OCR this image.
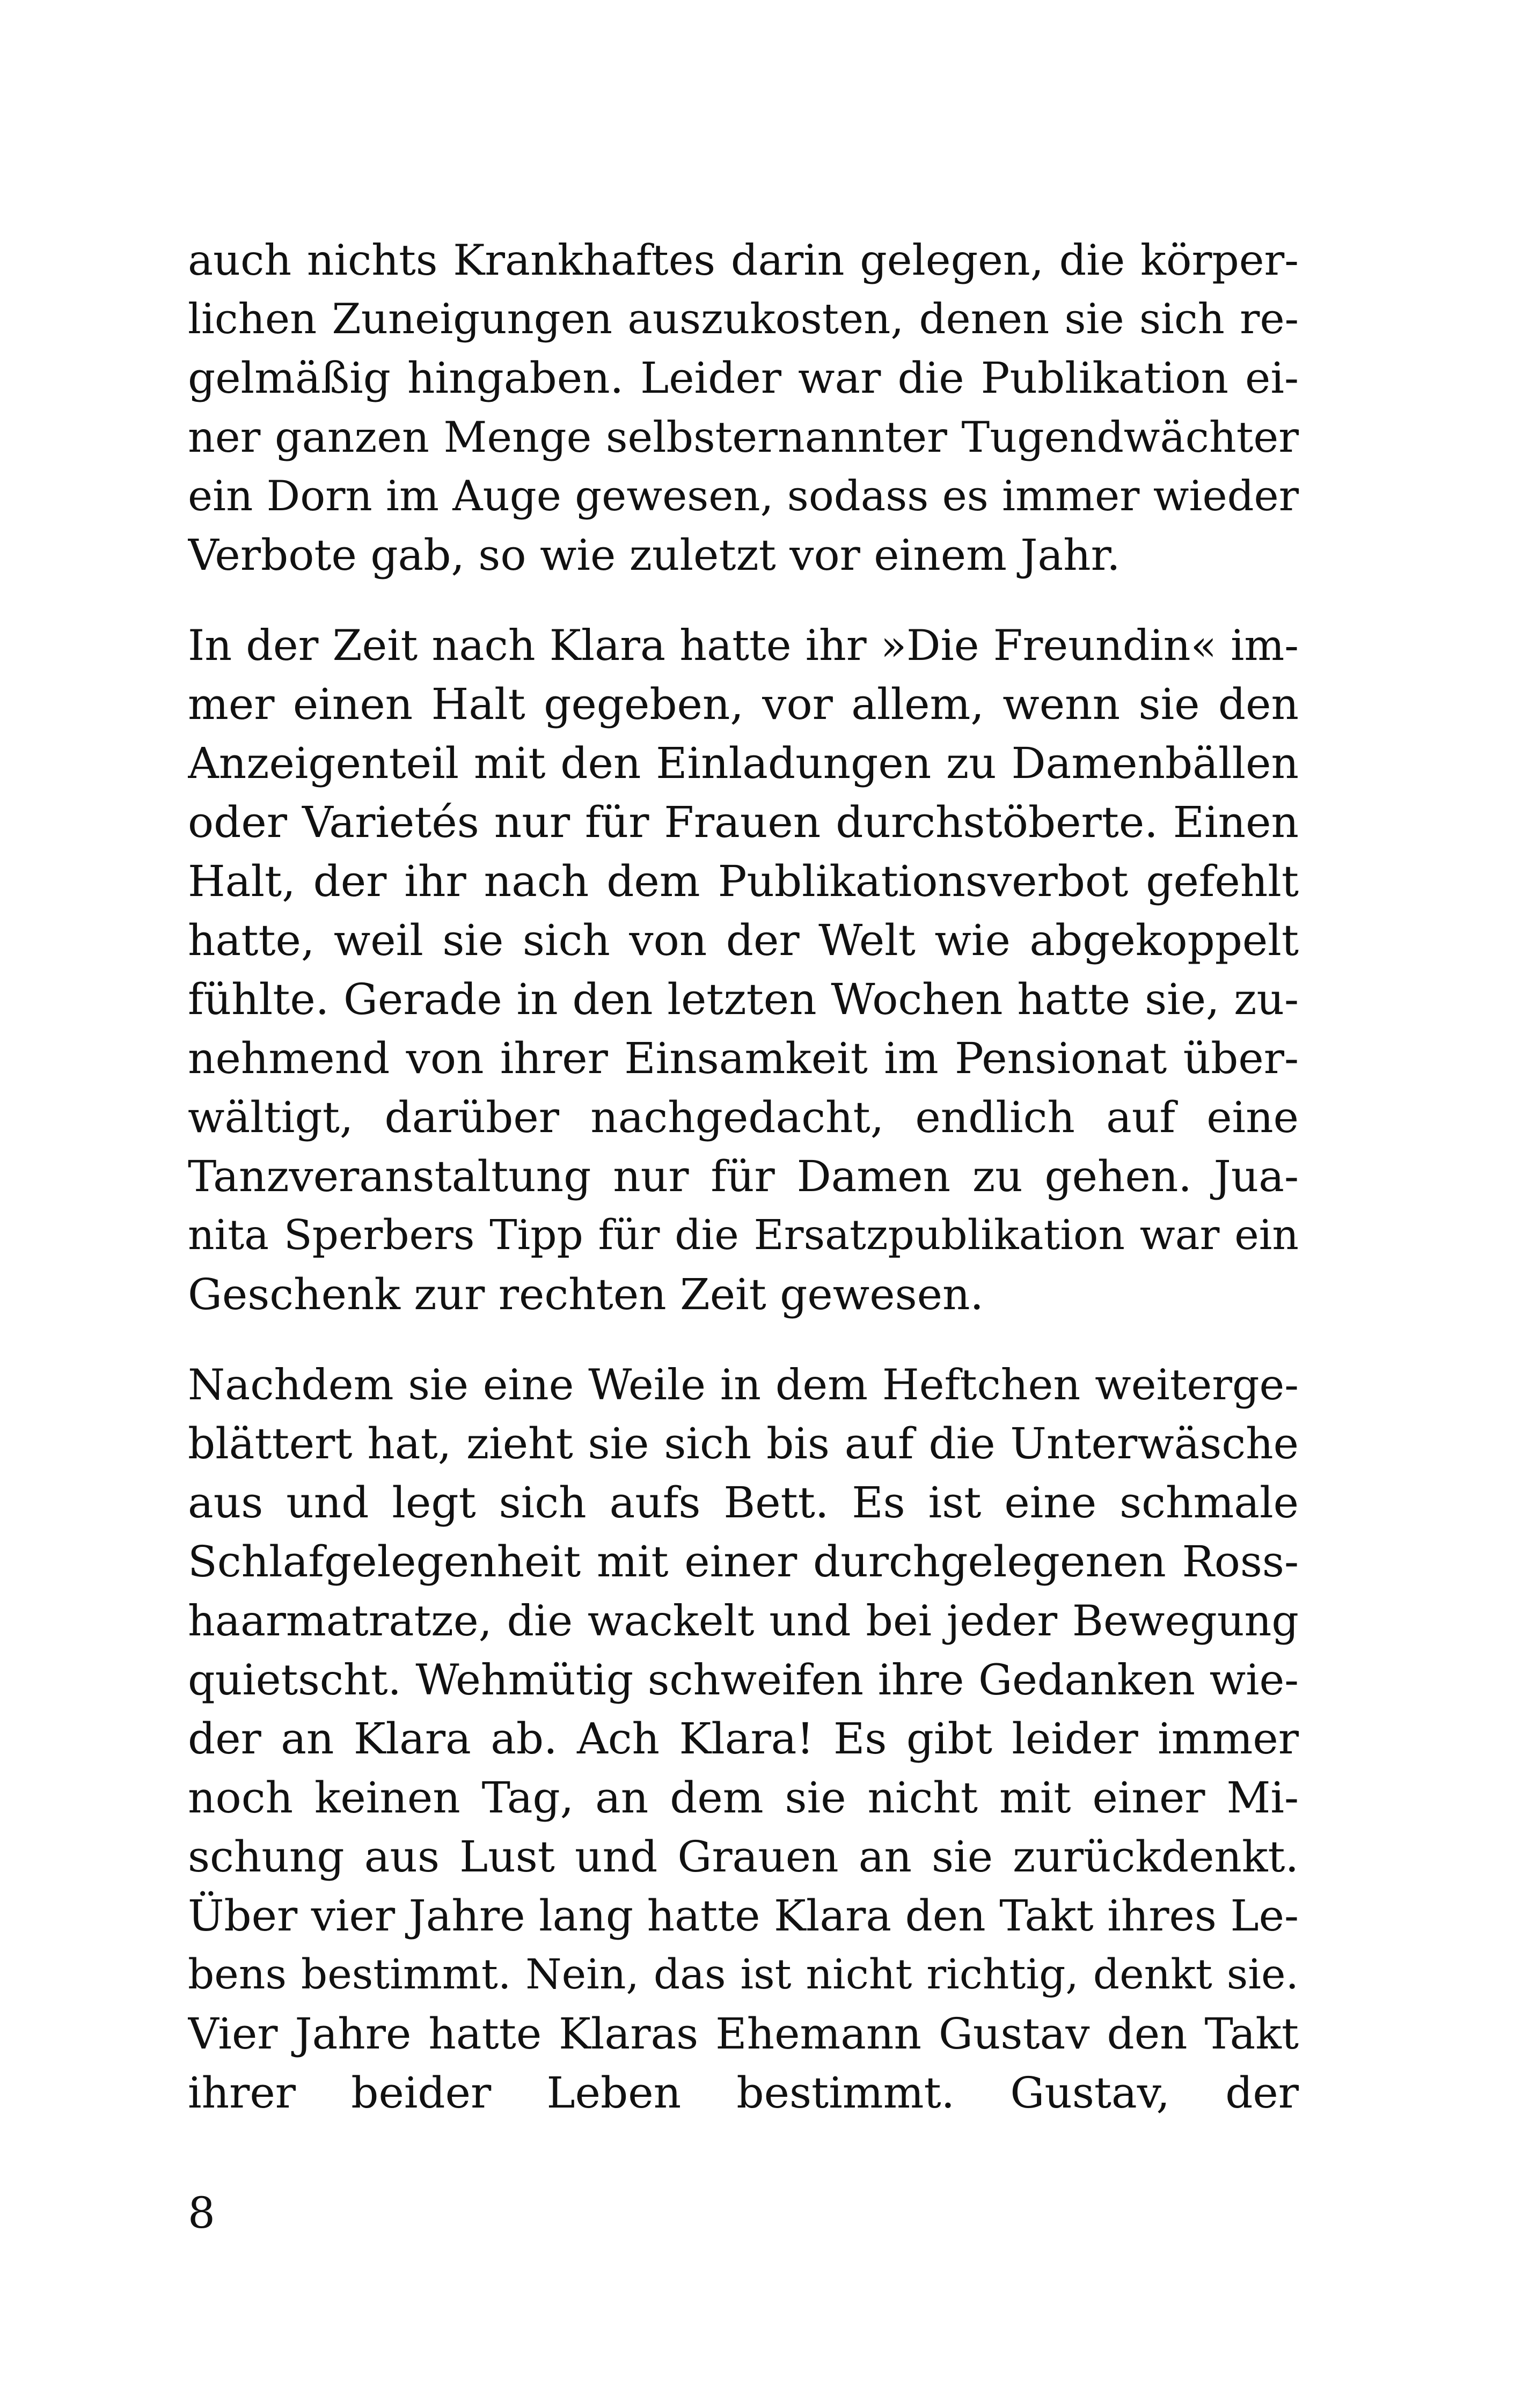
auch nichts Krankhaftes darin gelegen, die körper-
lichen Zuneigungen auszukosten, denen sie sich re-
gelmäßig hingaben. Leider war die Publikation ei-
ner ganzen Menge selbsternannter Tugendwächter
ein Dorn im Auge gewesen, sodass es immer wieder
Verbote gab, so wie zuletzt vor einem Jahr.
In der Zeit nach Klara hatte ihr »Die Freundin« im-
mer einen Halt gegeben, vor allem, wenn sie den
Anzeigenteil mit den Einladungen zu Damenbällen
oder Varietés nur für Frauen durchstöberte. Einen
Halt, der ihr nach dem Publikationsverbot gefehlt
hatte, weil sie sich von der Welt wie abgekoppelt
fühlte. Gerade in den letzten Wochen hatte sie, zu-
nehmend von ihrer Einsamkeit im Pensionat über-
wältigt, darüber nachgedacht, endlich auf eine
Tanzveranstaltung nur für Damen zu gehen. Jua-
nita Sperbers Tipp für die Ersatzpublikation war ein
Geschenk zur rechten Zeit gewesen.
Nachdem sie eine Weile in dem Heftchen weiterge-
blättert hat, zieht sie sich bis auf die Unterwäsche
aus und legt sich aufs Bett. Es ist eine schmale
Schlafgelegenheit mit einer durchgelegenen Ross-
haarmatratze, die wackelt und bei jeder Bewegung
quietscht. Wehmütig schweifen ihre Gedanken wie-
der an Klara ab. Ach Klara! Es gibt leider immer
noch keinen Tag, an dem sie nicht mit einer Mi-
schung aus Lust und Grauen an sie zurückdenkt.
Über vier Jahre lang hatte Klara den Takt ihres Le-
bens bestimmt. Nein, das ist nicht richtig, denkt sie.
Vier Jahre hatte Klaras Ehemann Gustav den Takt
ihrer beider Leben bestimmt. Gustav, der
8
